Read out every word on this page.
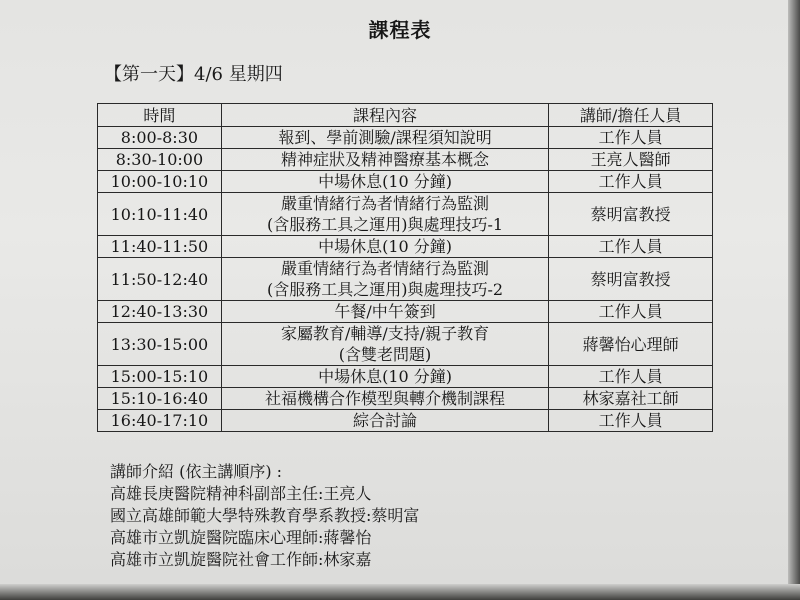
課程表
【第一天】4/6 星期四
時間	課程內容	講師/擔任人員
8:00-8:30	報到、學前測驗/課程須知說明	工作人員
8:30-10:00	精神症狀及精神醫療基本概念	王亮人醫師
10:00-10:10	中場休息(10 分鐘)	工作人員
10:10-11:40	嚴重情緒行為者情緒行為監測
(含服務工具之運用)與處理技巧-1	蔡明富教授
11:40-11:50	中場休息(10 分鐘)	工作人員
11:50-12:40	嚴重情緒行為者情緒行為監測
(含服務工具之運用)與處理技巧-2	蔡明富教授
12:40-13:30	午餐/中午簽到	工作人員
13:30-15:00	家屬教育/輔導/支持/親子教育
(含雙老問題)	蔣馨怡心理師
15:00-15:10	中場休息(10 分鐘)	工作人員
15:10-16:40	社福機構合作模型與轉介機制課程	林家嘉社工師
16:40-17:10	綜合討論	工作人員
講師介紹 (依主講順序) :
高雄長庚醫院精神科副部主任:王亮人
國立高雄師範大學特殊教育學系教授:蔡明富
高雄市立凱旋醫院臨床心理師:蔣馨怡
高雄市立凱旋醫院社會工作師:林家嘉
